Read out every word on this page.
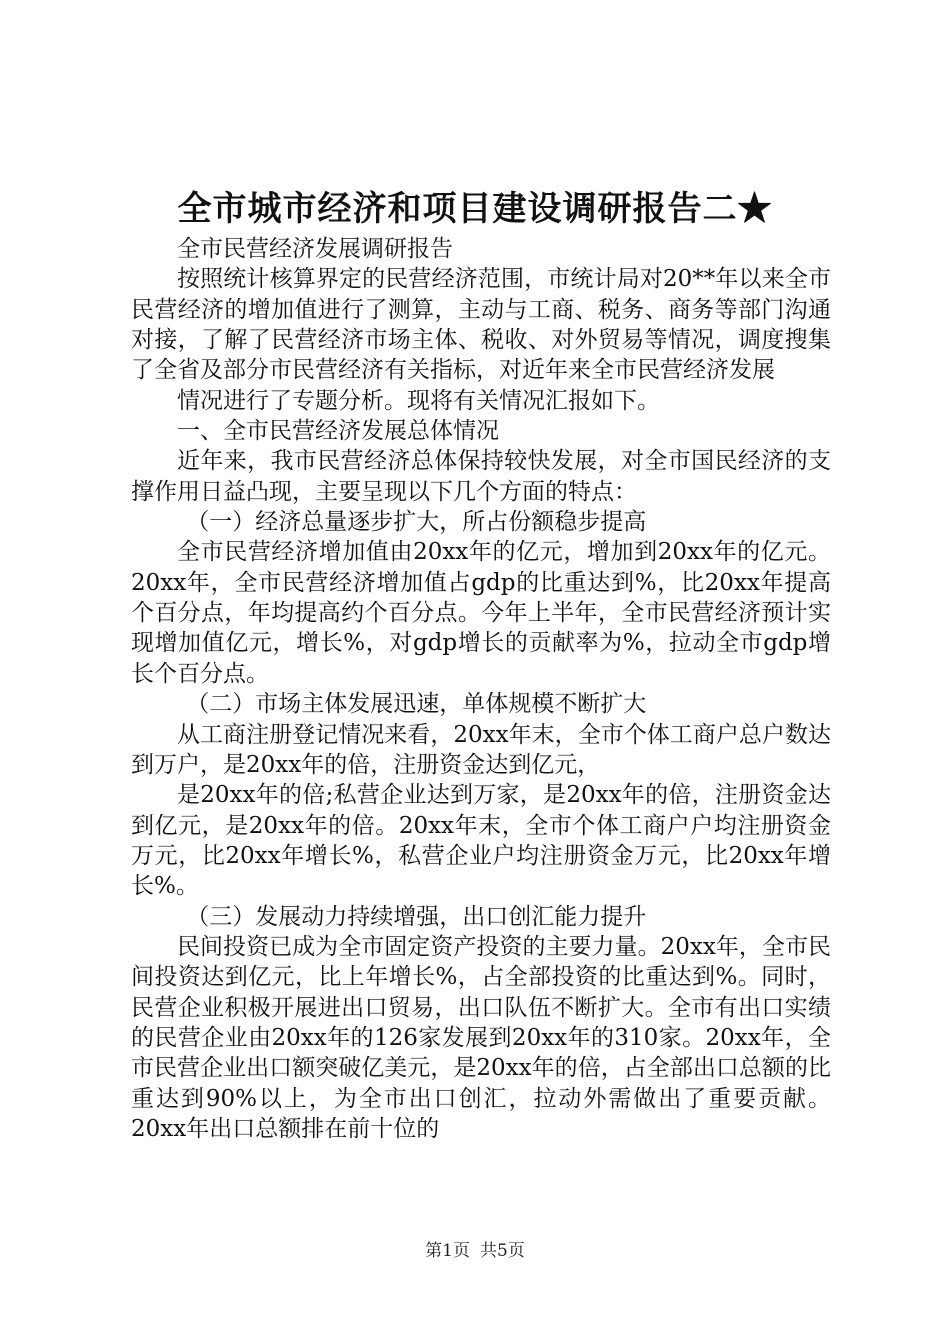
全市城市经济和项目建设调研报告二★

全市民营经济发展调研报告

按照统计核算界定的民营经济范围，市统计局对20**年以来全市民营经济的增加值进行了测算，主动与工商、税务、商务等部门沟通对接，了解了民营经济市场主体、税收、对外贸易等情况，调度搜集了全省及部分市民营经济有关指标，对近年来全市民营经济发展

情况进行了专题分析。现将有关情况汇报如下。

一、全市民营经济发展总体情况

近年来，我市民营经济总体保持较快发展，对全市国民经济的支撑作用日益凸现，主要呈现以下几个方面的特点：

（一）经济总量逐步扩大，所占份额稳步提高

全市民营经济增加值由20xx年的亿元，增加到20xx年的亿元。20xx年，全市民营经济增加值占gdp的比重达到%，比20xx年提高个百分点，年均提高约个百分点。今年上半年，全市民营经济预计实现增加值亿元，增长%，对gdp增长的贡献率为%，拉动全市gdp增长个百分点。

（二）市场主体发展迅速，单体规模不断扩大

从工商注册登记情况来看，20xx年末，全市个体工商户总户数达到万户，是20xx年的倍，注册资金达到亿元，

是20xx年的倍;私营企业达到万家，是20xx年的倍，注册资金达到亿元，是20xx年的倍。20xx年末，全市个体工商户户均注册资金万元，比20xx年增长%，私营企业户均注册资金万元，比20xx年增长%。

（三）发展动力持续增强，出口创汇能力提升

民间投资已成为全市固定资产投资的主要力量。20xx年，全市民间投资达到亿元，比上年增长%，占全部投资的比重达到%。同时，民营企业积极开展进出口贸易，出口队伍不断扩大。全市有出口实绩的民营企业由20xx年的126家发展到20xx年的310家。20xx年，全市民营企业出口额突破亿美元，是20xx年的倍，占全部出口总额的比重达到90%以上，为全市出口创汇，拉动外需做出了重要贡献。20xx年出口总额排在前十位的

第1页 共5页
